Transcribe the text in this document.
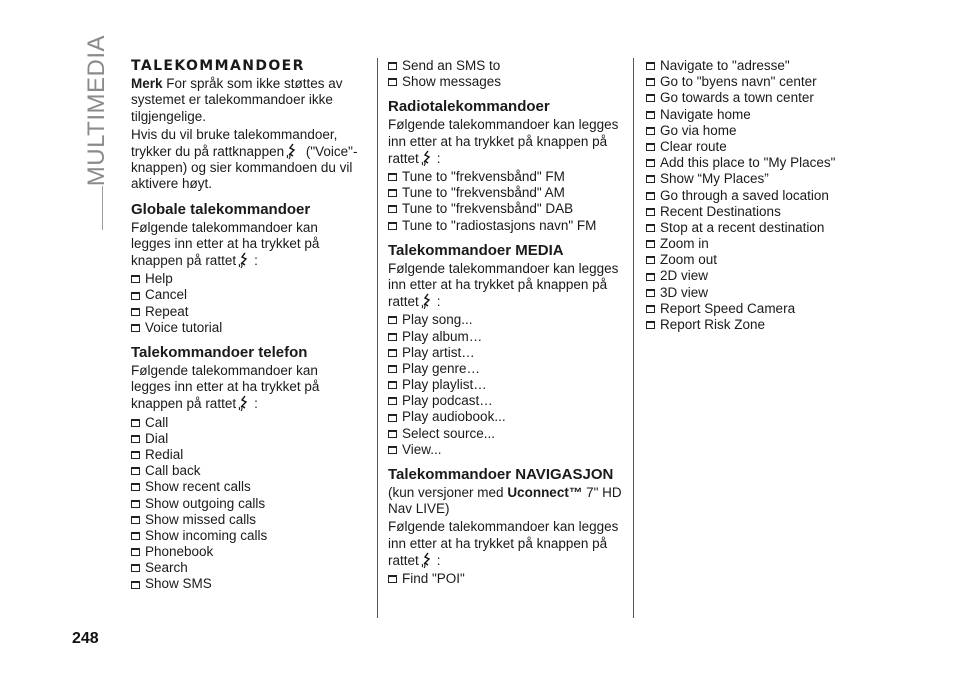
MULTIMEDIA TALEKOMMANDOER

Merk For språk som ikke støttes av systemet er talekommandoer ikke tilgjengelige.

Hvis du vil bruke talekommandoer, trykker du på rattknappen ("Voice"-knappen) og sier kommandoen du vil aktivere høyt.

Globale talekommandoer

Følgende talekommandoer kan legges inn etter at ha trykket på knappen på rattet :

Help
Cancel
Repeat
Voice tutorial
Talekommandoer telefon

Følgende talekommandoer kan legges inn etter at ha trykket på knappen på rattet :

Call
Dial
Redial
Call back
Show recent calls
Show outgoing calls
Show missed calls
Show incoming calls
Phonebook
Search
Show SMS
Send an SMS to
Show messages
Radiotalekommandoer

Følgende talekommandoer kan legges inn etter at ha trykket på knappen på rattet :

Tune to "frekvensbånd" FM
Tune to "frekvensbånd" AM
Tune to "frekvensbånd" DAB
Tune to "radiostasjons navn" FM
Talekommandoer MEDIA

Følgende talekommandoer kan legges inn etter at ha trykket på knappen på rattet :

Play song...
Play album…
Play artist…
Play genre…
Play playlist…
Play podcast…
Play audiobook...
Select source...
View...
Talekommandoer NAVIGASJON

(kun versjoner med Uconnect™ 7" HD Nav LIVE)

Følgende talekommandoer kan legges inn etter at ha trykket på knappen på rattet :

Find "POI"
Navigate to "adresse"
Go to "byens navn" center
Go towards a town center
Navigate home
Go via home
Clear route
Add this place to "My Places"
Show “My Places”
Go through a saved location
Recent Destinations
Stop at a recent destination
Zoom in
Zoom out
2D view
3D view
Report Speed Camera
Report Risk Zone
248
